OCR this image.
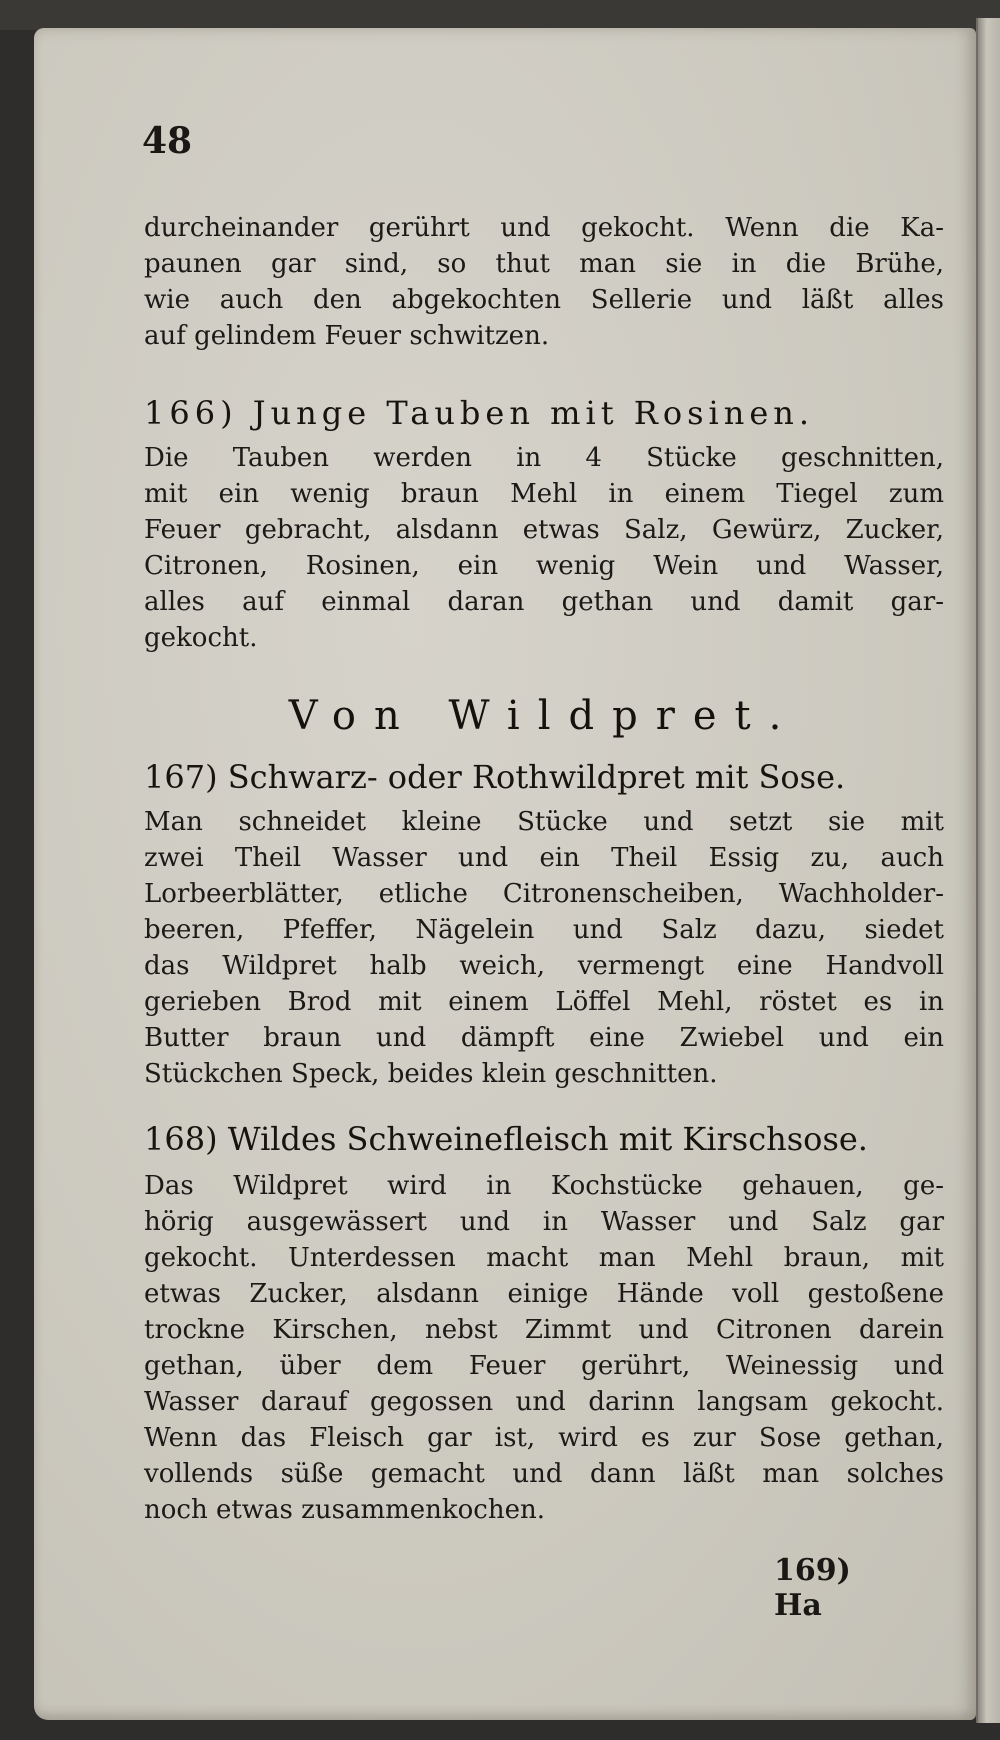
48

durcheinander gerührt und gekocht. Wenn die Ka-

paunen gar sind, so thut man sie in die Brühe,

wie auch den abgekochten Sellerie und läßt alles

auf gelindem Feuer schwitzen.

166) Junge Tauben mit Rosinen.

Die Tauben werden in 4 Stücke geschnitten,

mit ein wenig braun Mehl in einem Tiegel zum

Feuer gebracht, alsdann etwas Salz, Gewürz, Zucker,

Citronen, Rosinen, ein wenig Wein und Wasser,

alles auf einmal daran gethan und damit gar-

gekocht.

Von Wildpret.

167) Schwarz- oder Rothwildpret mit Sose.

Man schneidet kleine Stücke und setzt sie mit

zwei Theil Wasser und ein Theil Essig zu, auch

Lorbeerblätter, etliche Citronenscheiben, Wachholder-

beeren, Pfeffer, Nägelein und Salz dazu, siedet

das Wildpret halb weich, vermengt eine Handvoll

gerieben Brod mit einem Löffel Mehl, röstet es in

Butter braun und dämpft eine Zwiebel und ein

Stückchen Speck, beides klein geschnitten.

168) Wildes Schweinefleisch mit Kirschsose.

Das Wildpret wird in Kochstücke gehauen, ge-

hörig ausgewässert und in Wasser und Salz gar

gekocht. Unterdessen macht man Mehl braun, mit

etwas Zucker, alsdann einige Hände voll gestoßene

trockne Kirschen, nebst Zimmt und Citronen darein

gethan, über dem Feuer gerührt, Weinessig und

Wasser darauf gegossen und darinn langsam gekocht.

Wenn das Fleisch gar ist, wird es zur Sose gethan,

vollends süße gemacht und dann läßt man solches

noch etwas zusammenkochen.

169) Ha
